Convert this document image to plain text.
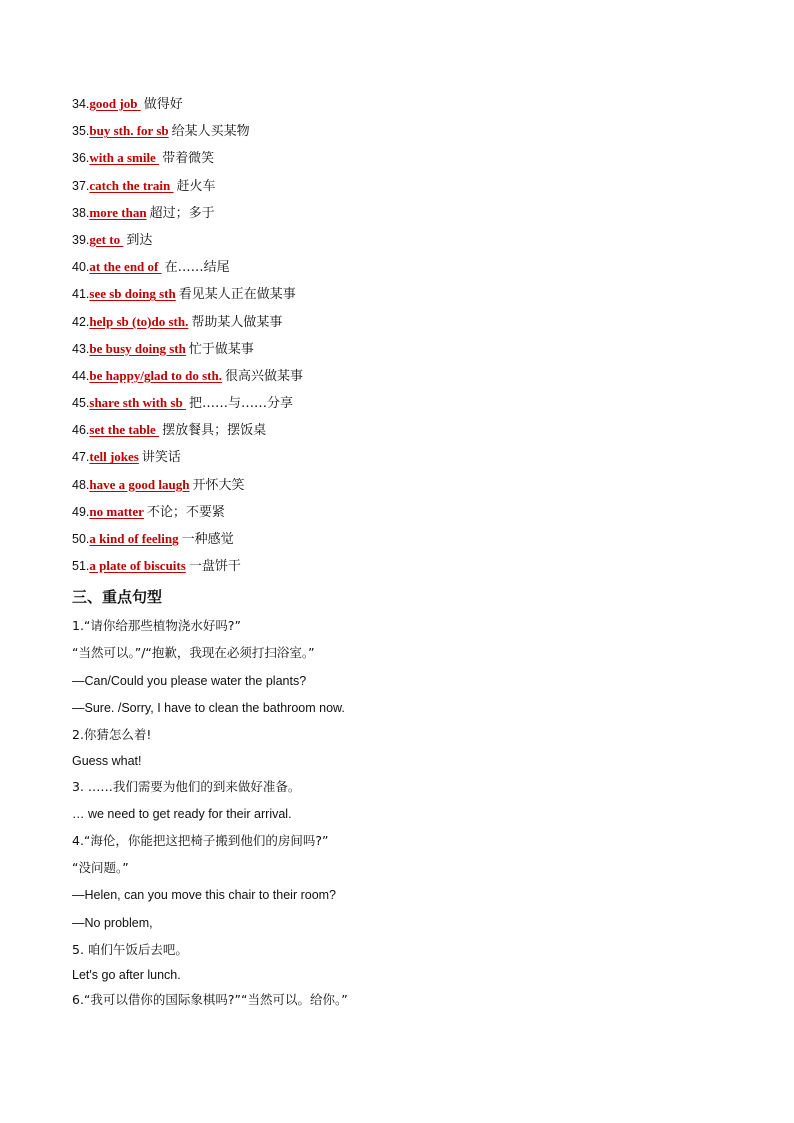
34.good job 做得好
35.buy sth. for sb 给某人买某物
36.with a smile 带着微笑
37.catch the train 赶火车
38.more than 超过；多于
39.get to 到达
40.at the end of 在……结尾
41.see sb doing sth 看见某人正在做某事
42.help sb (to)do sth. 帮助某人做某事
43.be busy doing sth 忙于做某事
44.be happy/glad to do sth. 很高兴做某事
45.share sth with sb 把……与……分享
46.set the table 摆放餐具；摆饭桌
47.tell jokes 讲笑话
48.have a good laugh 开怀大笑
49.no matter 不论；不要紧
50.a kind of feeling 一种感觉
51.a plate of biscuits 一盘饼干
三、重点句型
1.“请你给那些植物浇水好吗?”
“当然可以。”/“抱歉，我现在必须打扫浴室。”
—Can/Could you please water the plants?
—Sure. /Sorry, I have to clean the bathroom now.
2.你猜怎么着!
Guess what!
3. ……我们需要为他们的到来做好准备。
… we need to get ready for their arrival.
4.“海伦，你能把这把椅子搬到他们的房间吗?”
“没问题。”
—Helen, can you move this chair to their room?
—No problem,
5. 咱们午饭后去吧。
Let's go after lunch.
6.“我可以借你的国际象棋吗?”“当然可以。给你。”
